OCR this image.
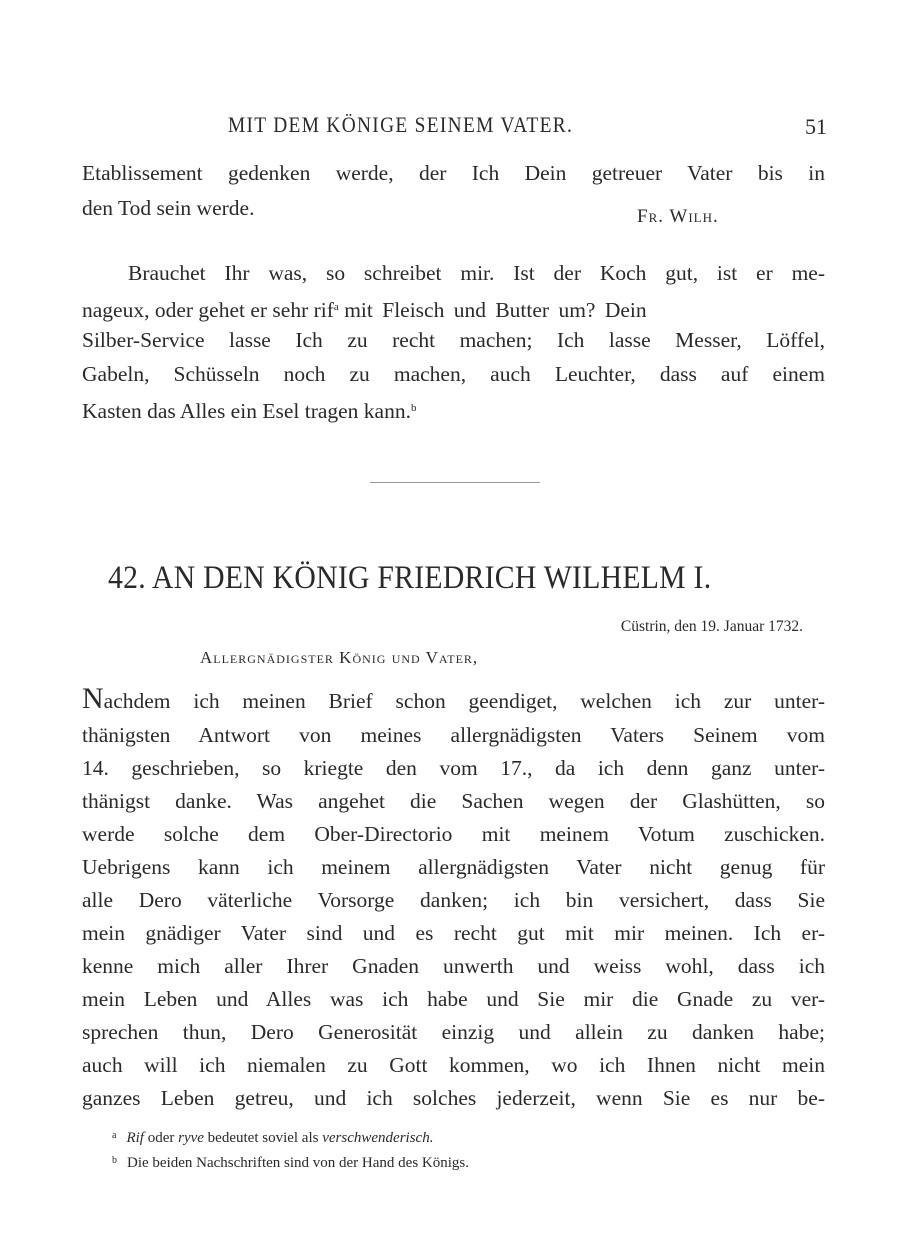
MIT DEM KÖNIGE SEINEM VATER.	51
Etablissement gedenken werde, der Ich Dein getreuer Vater bis in
den Tod sein werde.	Fr. Wilh.
Brauchet Ihr was, so schreibet mir. Ist der Koch gut, ist er me-
nageux, oder gehet er sehr rif$^a$ mit Fleisch und Butter um? Dein
Silber-Service lasse Ich zu recht machen; Ich lasse Messer, Löffel,
Gabeln, Schüsseln noch zu machen, auch Leuchter, dass auf einem
Kasten das Alles ein Esel tragen kann.$^b$
42. AN DEN KÖNIG FRIEDRICH WILHELM I.
Cüstrin, den 19. Januar 1732.
Allergnädigster König und Vater,
Nachdem ich meinen Brief schon geendiget, welchen ich zur unter-
thänigsten Antwort von meines allergnädigsten Vaters Seinem vom
14. geschrieben, so kriegte den vom 17., da ich denn ganz unter-
thänigst danke. Was angehet die Sachen wegen der Glashütten, so
werde solche dem Ober-Directorio mit meinem Votum zuschicken.
Uebrigens kann ich meinem allergnädigsten Vater nicht genug für
alle Dero väterliche Vorsorge danken; ich bin versichert, dass Sie
mein gnädiger Vater sind und es recht gut mit mir meinen. Ich er-
kenne mich aller Ihrer Gnaden unwerth und weiss wohl, dass ich
mein Leben und Alles was ich habe und Sie mir die Gnade zu ver-
sprechen thun, Dero Generosität einzig und allein zu danken habe;
auch will ich niemalen zu Gott kommen, wo ich Ihnen nicht mein
ganzes Leben getreu, und ich solches jederzeit, wenn Sie es nur be-
$^a$ Rif oder ryve bedeutet soviel als verschwenderisch.
$^b$ Die beiden Nachschriften sind von der Hand des Königs.
